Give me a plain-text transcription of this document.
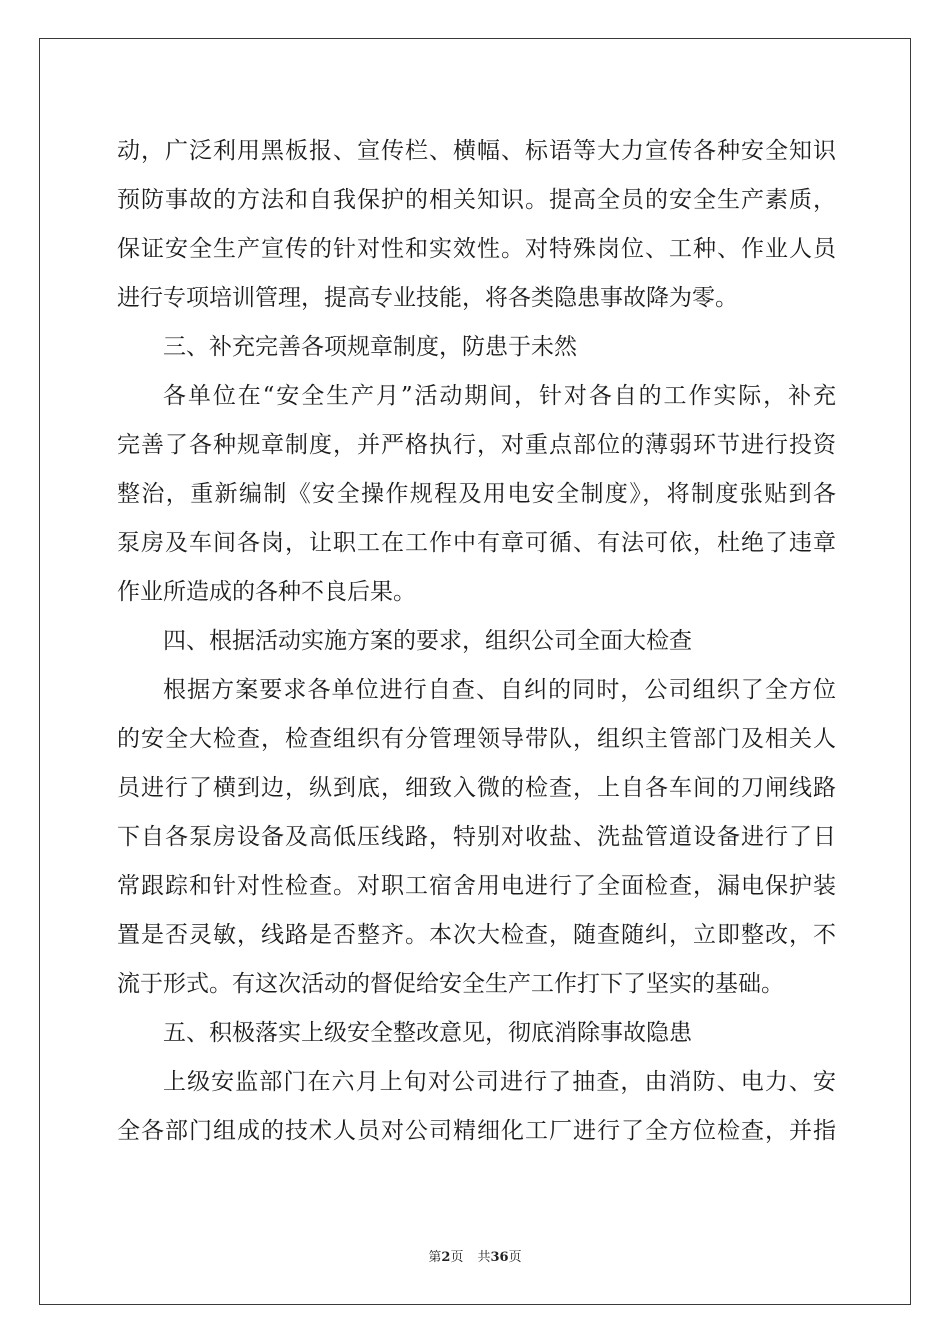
动，广泛利用黑板报、宣传栏、横幅、标语等大力宣传各种安全知识
预防事故的方法和自我保护的相关知识。提高全员的安全生产素质，
保证安全生产宣传的针对性和实效性。对特殊岗位、工种、作业人员
进行专项培训管理，提高专业技能，将各类隐患事故降为零。
三、补充完善各项规章制度，防患于未然
各单位在“安全生产月”活动期间，针对各自的工作实际，补充
完善了各种规章制度，并严格执行，对重点部位的薄弱环节进行投资
整治，重新编制《安全操作规程及用电安全制度》，将制度张贴到各
泵房及车间各岗，让职工在工作中有章可循、有法可依，杜绝了违章
作业所造成的各种不良后果。
四、根据活动实施方案的要求，组织公司全面大检查
根据方案要求各单位进行自查、自纠的同时，公司组织了全方位
的安全大检查，检查组织有分管理领导带队，组织主管部门及相关人
员进行了横到边，纵到底，细致入微的检查，上自各车间的刀闸线路
下自各泵房设备及高低压线路，特别对收盐、洗盐管道设备进行了日
常跟踪和针对性检查。对职工宿舍用电进行了全面检查，漏电保护装
置是否灵敏，线路是否整齐。本次大检查，随查随纠，立即整改，不
流于形式。有这次活动的督促给安全生产工作打下了坚实的基础。
五、积极落实上级安全整改意见，彻底消除事故隐患
上级安监部门在六月上旬对公司进行了抽查，由消防、电力、安
全各部门组成的技术人员对公司精细化工厂进行了全方位检查，并指
第2页 共36页
